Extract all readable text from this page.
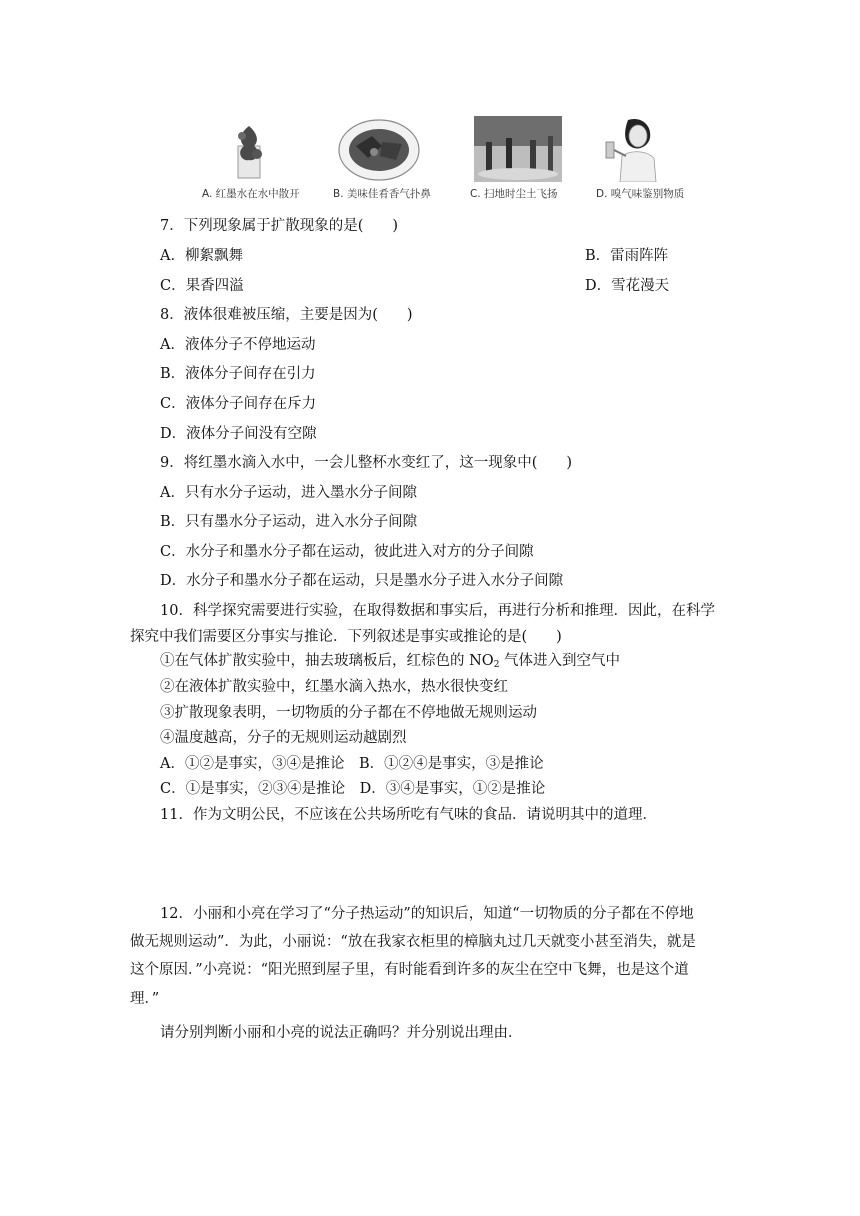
A. 红墨水在水中散开	B. 美味佳肴香气扑鼻	C. 扫地时尘土飞扬	D. 嗅气味鉴别物质
7．下列现象属于扩散现象的是(　　)
A．柳絮飘舞	B．雷雨阵阵
C．果香四溢	D．雪花漫天
8．液体很难被压缩，主要是因为(　　)
A．液体分子不停地运动
B．液体分子间存在引力
C．液体分子间存在斥力
D．液体分子间没有空隙
9．将红墨水滴入水中，一会儿整杯水变红了，这一现象中(　　)
A．只有水分子运动，进入墨水分子间隙
B．只有墨水分子运动，进入水分子间隙
C．水分子和墨水分子都在运动，彼此进入对方的分子间隙
D．水分子和墨水分子都在运动，只是墨水分子进入水分子间隙
10．科学探究需要进行实验，在取得数据和事实后，再进行分析和推理．因此，在科学
探究中我们需要区分事实与推论．下列叙述是事实或推论的是(　　)
①在气体扩散实验中，抽去玻璃板后，红棕色的 $NO_2$ 气体进入到空气中
②在液体扩散实验中，红墨水滴入热水，热水很快变红
③扩散现象表明，一切物质的分子都在不停地做无规则运动
④温度越高，分子的无规则运动越剧烈
A．①②是事实，③④是推论　B．①②④是事实，③是推论
C．①是事实，②③④是推论　D．③④是事实，①②是推论
11．作为文明公民，不应该在公共场所吃有气味的食品．请说明其中的道理．
12．小丽和小亮在学习了“分子热运动”的知识后，知道“一切物质的分子都在不停地
做无规则运动”．为此，小丽说：“放在我家衣柜里的樟脑丸过几天就变小甚至消失，就是
这个原因．”小亮说：“阳光照到屋子里，有时能看到许多的灰尘在空中飞舞，也是这个道
理．”
请分别判断小丽和小亮的说法正确吗？并分别说出理由．
